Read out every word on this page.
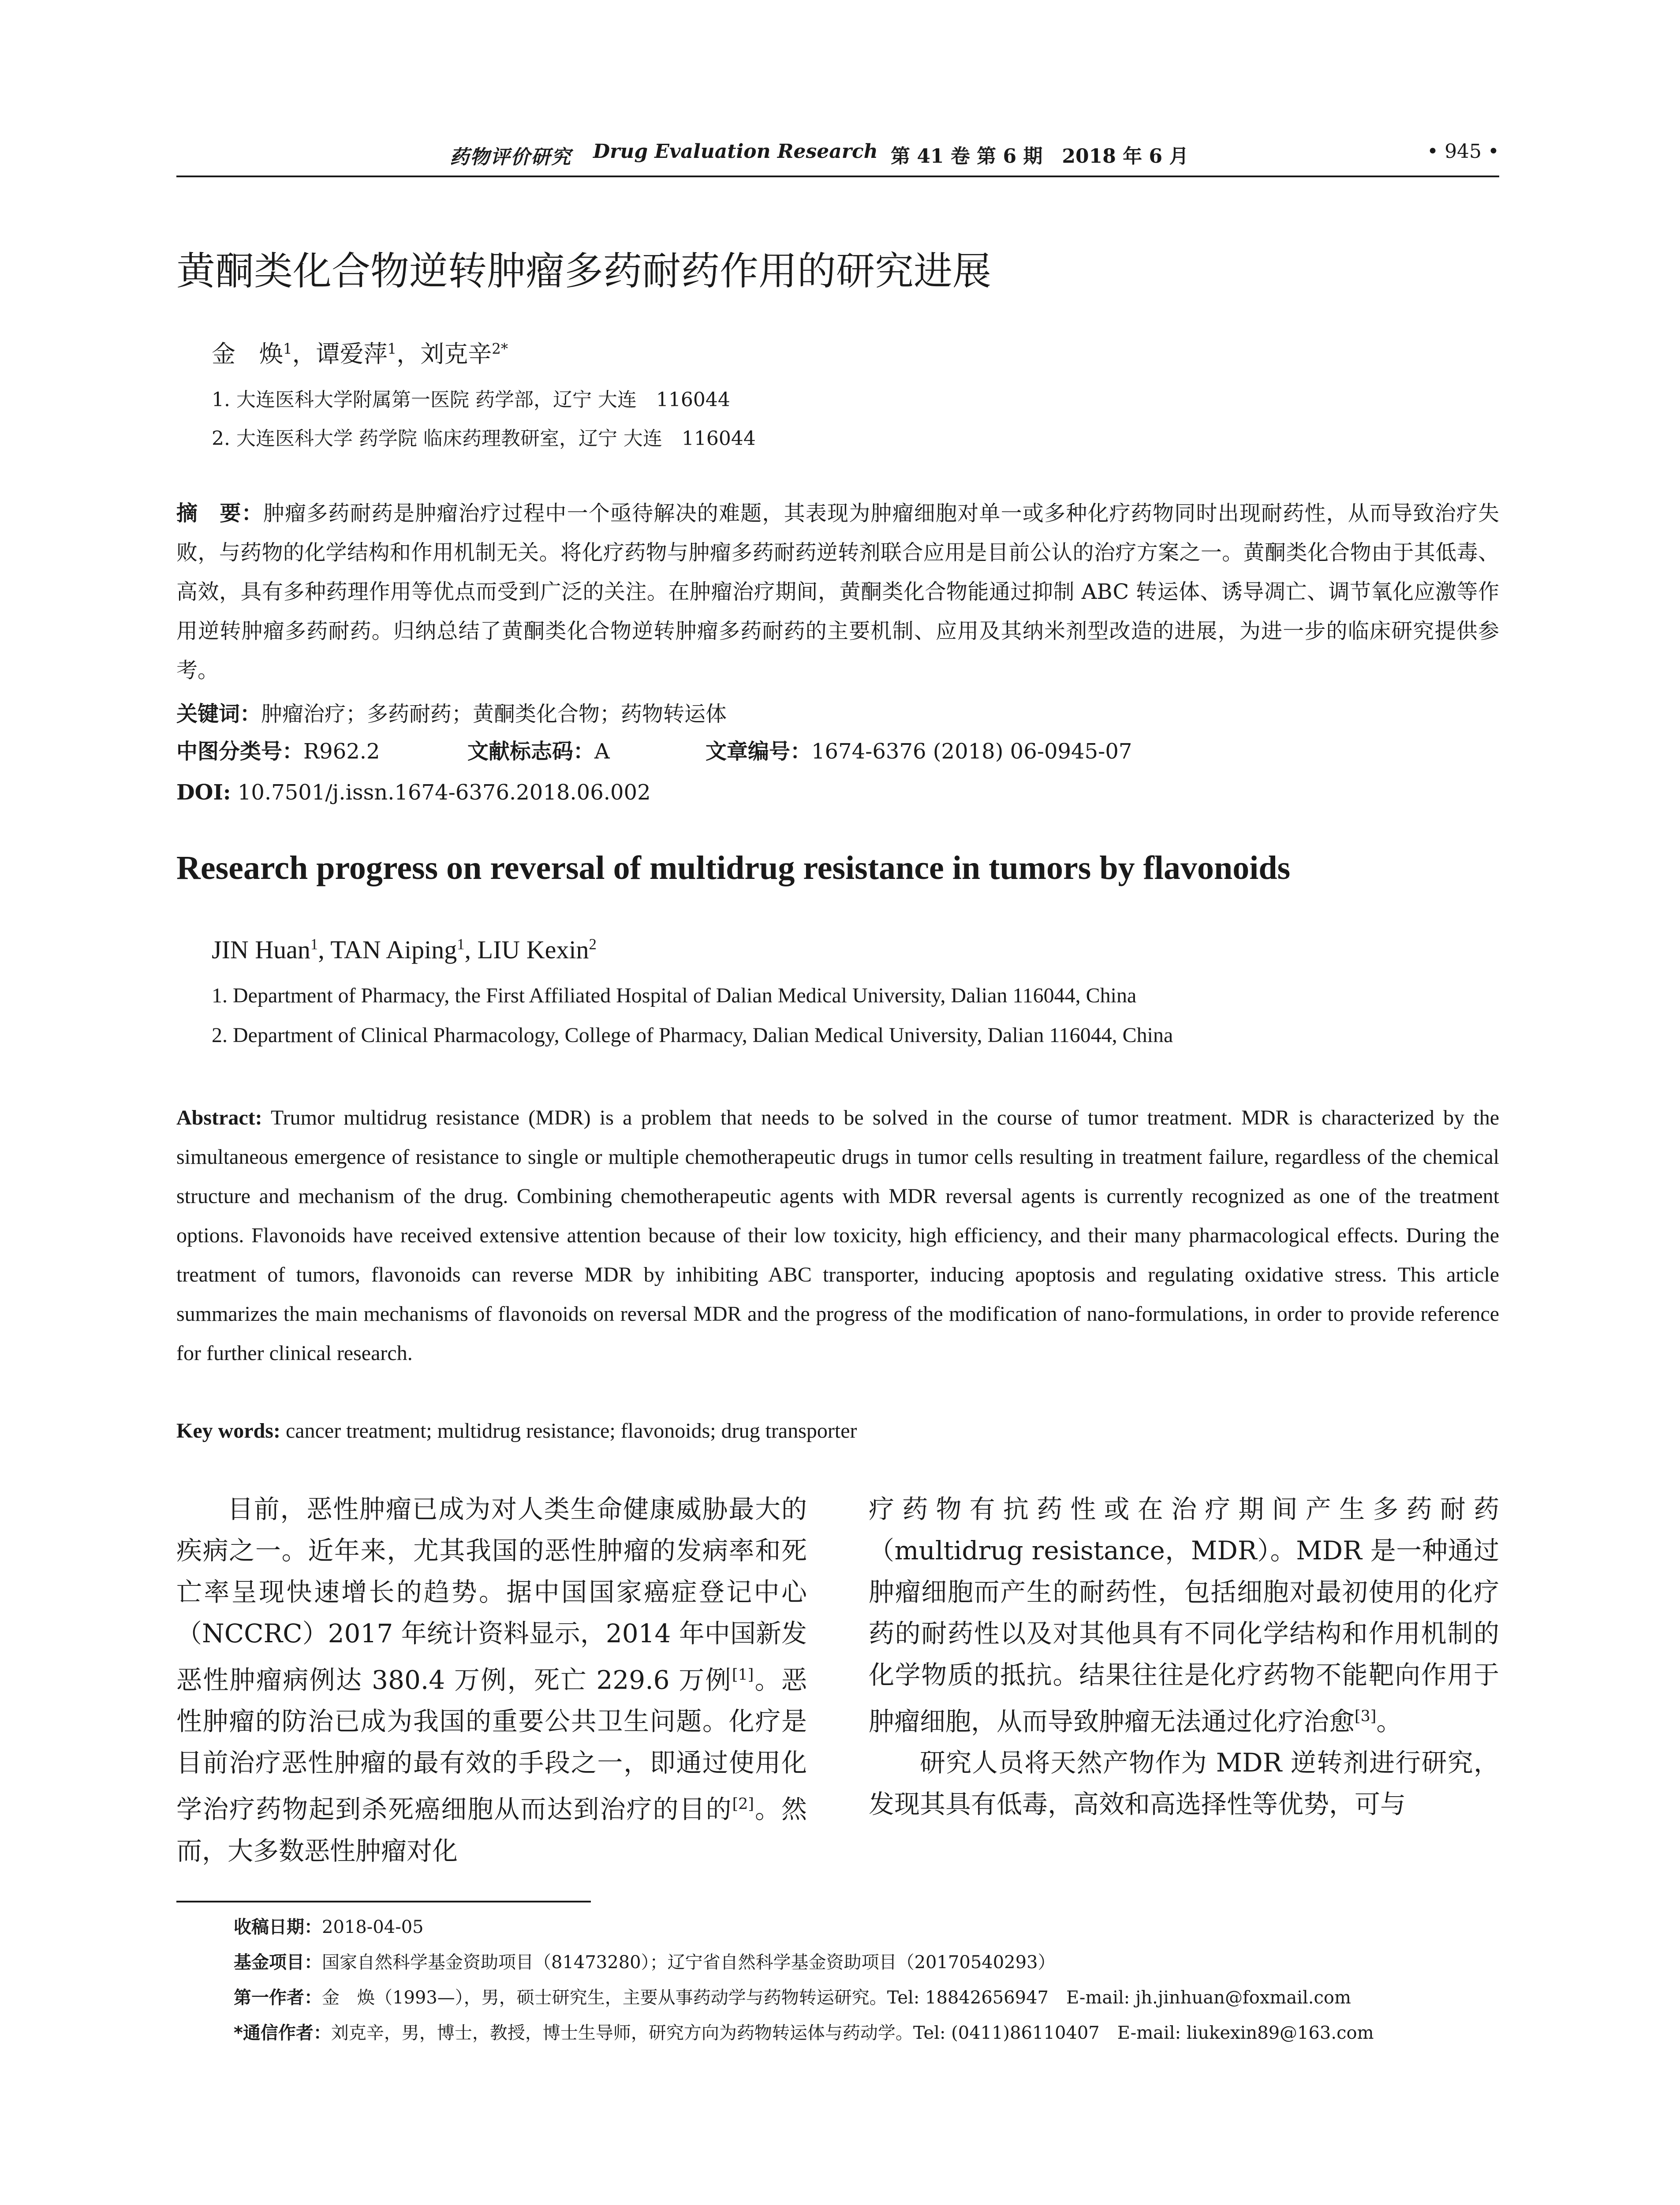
药物评价研究 Drug Evaluation Research 第 41 卷 第 6 期　2018 年 6 月	• 945 •
黄酮类化合物逆转肿瘤多药耐药作用的研究进展
金　焕$^1$，谭爱萍$^1$，刘克辛$^{2*}$
1. 大连医科大学附属第一医院 药学部，辽宁 大连　116044
2. 大连医科大学 药学院 临床药理教研室，辽宁 大连　116044
摘　要：肿瘤多药耐药是肿瘤治疗过程中一个亟待解决的难题，其表现为肿瘤细胞对单一或多种化疗药物同时出现耐药性，从而导致治疗失败，与药物的化学结构和作用机制无关。将化疗药物与肿瘤多药耐药逆转剂联合应用是目前公认的治疗方案之一。黄酮类化合物由于其低毒、高效，具有多种药理作用等优点而受到广泛的关注。在肿瘤治疗期间，黄酮类化合物能通过抑制 ABC 转运体、诱导凋亡、调节氧化应激等作用逆转肿瘤多药耐药。归纳总结了黄酮类化合物逆转肿瘤多药耐药的主要机制、应用及其纳米剂型改造的进展，为进一步的临床研究提供参考。
关键词：肿瘤治疗；多药耐药；黄酮类化合物；药物转运体
中图分类号：R962.2	文献标志码：A	文章编号：1674-6376 (2018) 06-0945-07
DOI: 10.7501/j.issn.1674-6376.2018.06.002
Research progress on reversal of multidrug resistance in tumors by flavonoids
JIN Huan$^1$, TAN Aiping$^1$, LIU Kexin$^2$
1. Department of Pharmacy, the First Affiliated Hospital of Dalian Medical University, Dalian 116044, China
2. Department of Clinical Pharmacology, College of Pharmacy, Dalian Medical University, Dalian 116044, China
Abstract: Trumor multidrug resistance (MDR) is a problem that needs to be solved in the course of tumor treatment. MDR is characterized by the simultaneous emergence of resistance to single or multiple chemotherapeutic drugs in tumor cells resulting in treatment failure, regardless of the chemical structure and mechanism of the drug. Combining chemotherapeutic agents with MDR reversal agents is currently recognized as one of the treatment options. Flavonoids have received extensive attention because of their low toxicity, high efficiency, and their many pharmacological effects. During the treatment of tumors, flavonoids can reverse MDR by inhibiting ABC transporter, inducing apoptosis and regulating oxidative stress. This article summarizes the main mechanisms of flavonoids on reversal MDR and the progress of the modification of nano-formulations, in order to provide reference for further clinical research.
Key words: cancer treatment; multidrug resistance; flavonoids; drug transporter

目前，恶性肿瘤已成为对人类生命健康威胁最大的疾病之一。近年来，尤其我国的恶性肿瘤的发病率和死亡率呈现快速增长的趋势。据中国国家癌症登记中心（NCCRC）2017 年统计资料显示，2014 年中国新发恶性肿瘤病例达 380.4 万例，死亡 229.6 万例[1]。恶性肿瘤的防治已成为我国的重要公共卫生问题。化疗是目前治疗恶性肿瘤的最有效的手段之一，即通过使用化学治疗药物起到杀死癌细胞从而达到治疗的目的[2]。然而，大多数恶性肿瘤对化

疗药物有抗药性或在治疗期间产生多药耐药（multidrug resistance，MDR）。MDR 是一种通过肿瘤细胞而产生的耐药性，包括细胞对最初使用的化疗药的耐药性以及对其他具有不同化学结构和作用机制的化学物质的抵抗。结果往往是化疗药物不能靶向作用于肿瘤细胞，从而导致肿瘤无法通过化疗治愈[3]。

研究人员将天然产物作为 MDR 逆转剂进行研究，发现其具有低毒，高效和高选择性等优势，可与

收稿日期：2018-04-05
基金项目：国家自然科学基金资助项目（81473280）；辽宁省自然科学基金资助项目（20170540293）
第一作者：金　焕（1993—），男，硕士研究生，主要从事药动学与药物转运研究。Tel: 18842656947　E-mail: jh.jinhuan@foxmail.com
*通信作者：刘克辛，男，博士，教授，博士生导师，研究方向为药物转运体与药动学。Tel: (0411)86110407　E-mail: liukexin89@163.com
